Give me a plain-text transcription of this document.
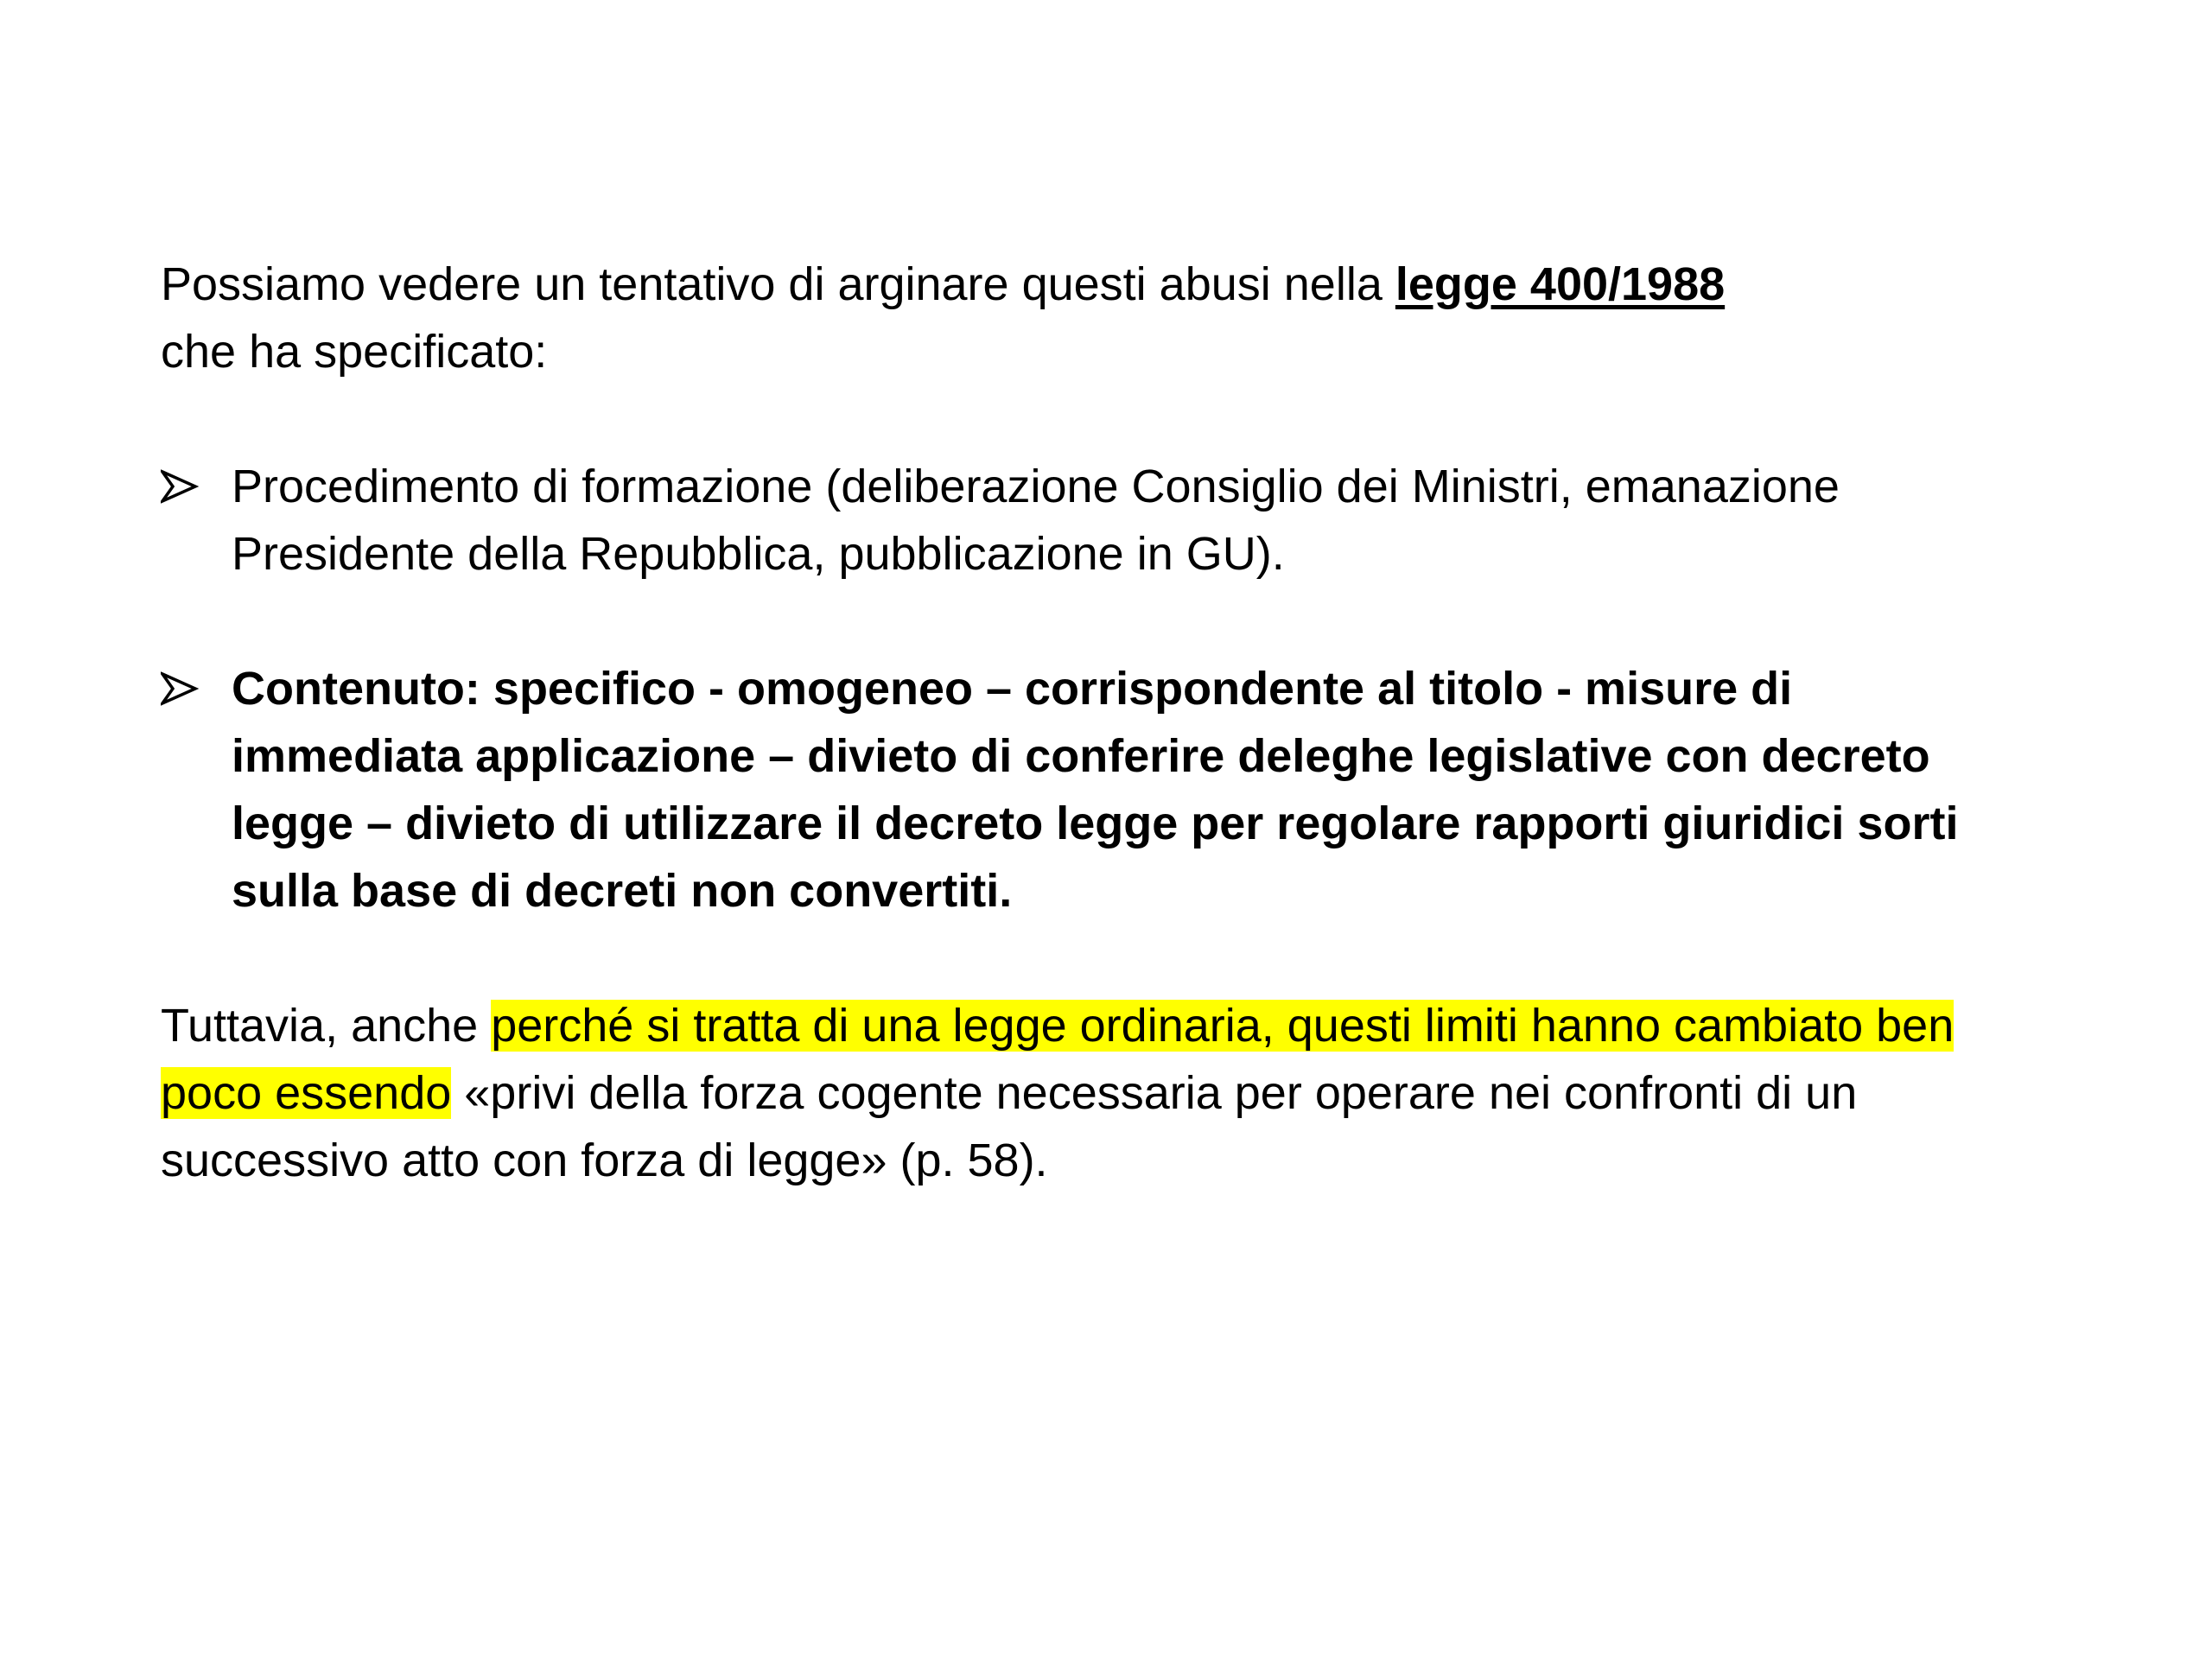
Possiamo vedere un tentativo di arginare questi abusi nella legge 400/1988
che ha specificato:

Procedimento di formazione (deliberazione Consiglio dei Ministri, emanazione Presidente della Repubblica, pubblicazione in GU).
Contenuto: specifico - omogeneo – corrispondente al titolo - misure di immediata applicazione – divieto di conferire deleghe legislative con decreto legge – divieto di utilizzare il decreto legge per regolare rapporti giuridici sorti sulla base di decreti non convertiti.

Tuttavia, anche perché si tratta di una legge ordinaria, questi limiti hanno cambiato ben poco essendo «privi della forza cogente necessaria per operare nei confronti di un successivo atto con forza di legge» (p. 58).
